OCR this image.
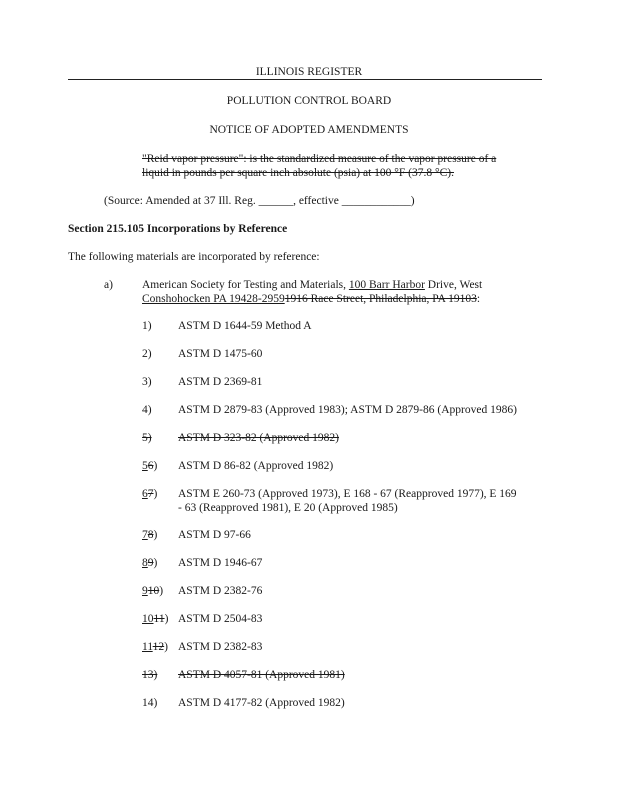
ILLINOIS REGISTER
POLLUTION CONTROL BOARD
NOTICE OF ADOPTED AMENDMENTS
"Reid vapor pressure": is the standardized measure of the vapor pressure of a
liquid in pounds per square inch absolute (psia) at 100 °F (37.8 °C).
(Source: Amended at 37 Ill. Reg. ______, effective ____________)
Section 215.105 Incorporations by Reference
The following materials are incorporated by reference:
a)	American Society for Testing and Materials, 100 Barr Harbor Drive, West
Conshohocken PA 19428-29591916 Race Street, Philadelphia, PA 19103:
1) ASTM D 1644-59 Method A
2) ASTM D 1475-60
3) ASTM D 2369-81
4) ASTM D 2879-83 (Approved 1983); ASTM D 2879-86 (Approved 1986)
5) ASTM D 323-82 (Approved 1982)
56) ASTM D 86-82 (Approved 1982)
67) ASTM E 260-73 (Approved 1973), E 168 - 67 (Reapproved 1977), E 169
- 63 (Reapproved 1981), E 20 (Approved 1985)
78) ASTM D 97-66
89) ASTM D 1946-67
910) ASTM D 2382-76
1011) ASTM D 2504-83
1112) ASTM D 2382-83
13) ASTM D 4057-81 (Approved 1981)
14) ASTM D 4177-82 (Approved 1982)
